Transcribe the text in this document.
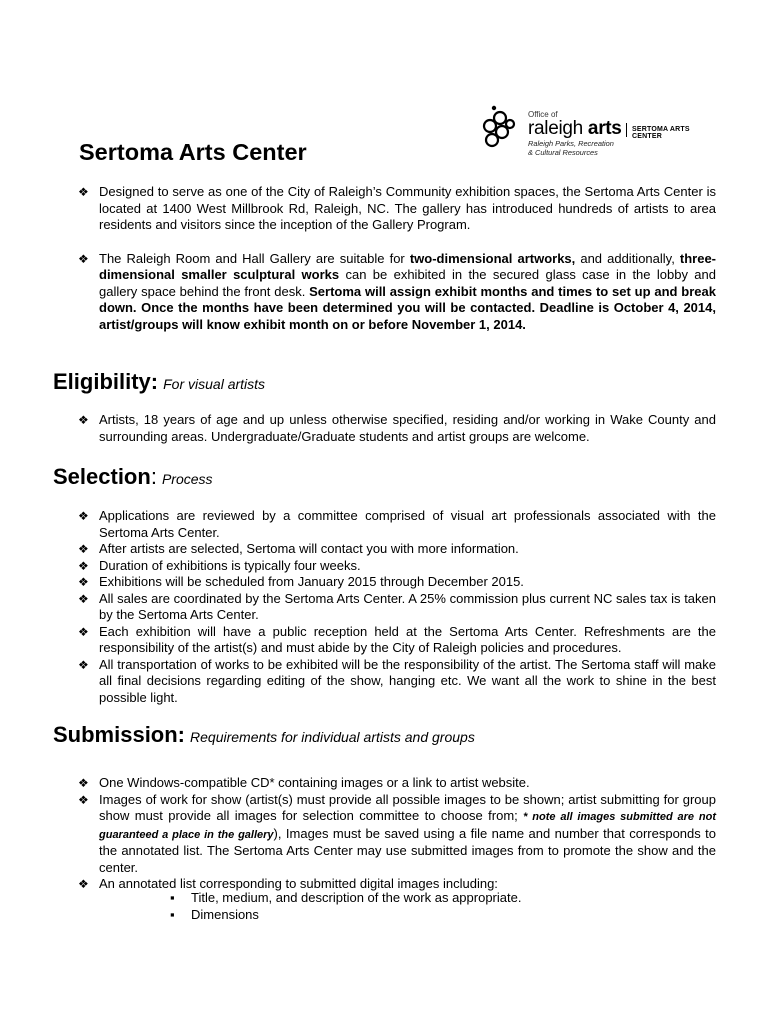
Office of
raleigh arts SERTOMA ARTS CENTER
Raleigh Parks, Recreation
& Cultural Resources
Sertoma Arts Center
❖ Designed to serve as one of the City of Raleigh’s Community exhibition spaces, the Sertoma Arts Center is located at 1400 West Millbrook Rd, Raleigh, NC. The gallery has introduced hundreds of artists to area residents and visitors since the inception of the Gallery Program.
❖ The Raleigh Room and Hall Gallery are suitable for two-dimensional artworks, and additionally, three-dimensional smaller sculptural works can be exhibited in the secured glass case in the lobby and gallery space behind the front desk. Sertoma will assign exhibit months and times to set up and break down. Once the months have been determined you will be contacted. Deadline is October 4, 2014, artist/groups will know exhibit month on or before November 1, 2014.
Eligibility: For visual artists
❖ Artists, 18 years of age and up unless otherwise specified, residing and/or working in Wake County and surrounding areas. Undergraduate/Graduate students and artist groups are welcome.
Selection: Process
❖ Applications are reviewed by a committee comprised of visual art professionals associated with the Sertoma Arts Center.
❖ After artists are selected, Sertoma will contact you with more information.
❖ Duration of exhibitions is typically four weeks.
❖ Exhibitions will be scheduled from January 2015 through December 2015.
❖ All sales are coordinated by the Sertoma Arts Center. A 25% commission plus current NC sales tax is taken by the Sertoma Arts Center.
❖ Each exhibition will have a public reception held at the Sertoma Arts Center. Refreshments are the responsibility of the artist(s) and must abide by the City of Raleigh policies and procedures.
❖ All transportation of works to be exhibited will be the responsibility of the artist. The Sertoma staff will make all final decisions regarding editing of the show, hanging etc. We want all the work to shine in the best possible light.
Submission: Requirements for individual artists and groups
❖ One Windows-compatible CD* containing images or a link to artist website.
❖ Images of work for show (artist(s) must provide all possible images to be shown; artist submitting for group show must provide all images for selection committee to choose from; * note all images submitted are not guaranteed a place in the gallery), Images must be saved using a file name and number that corresponds to the annotated list. The Sertoma Arts Center may use submitted images from to promote the show and the center.
❖ An annotated list corresponding to submitted digital images including:
▪ Title, medium, and description of the work as appropriate.
▪ Dimensions
